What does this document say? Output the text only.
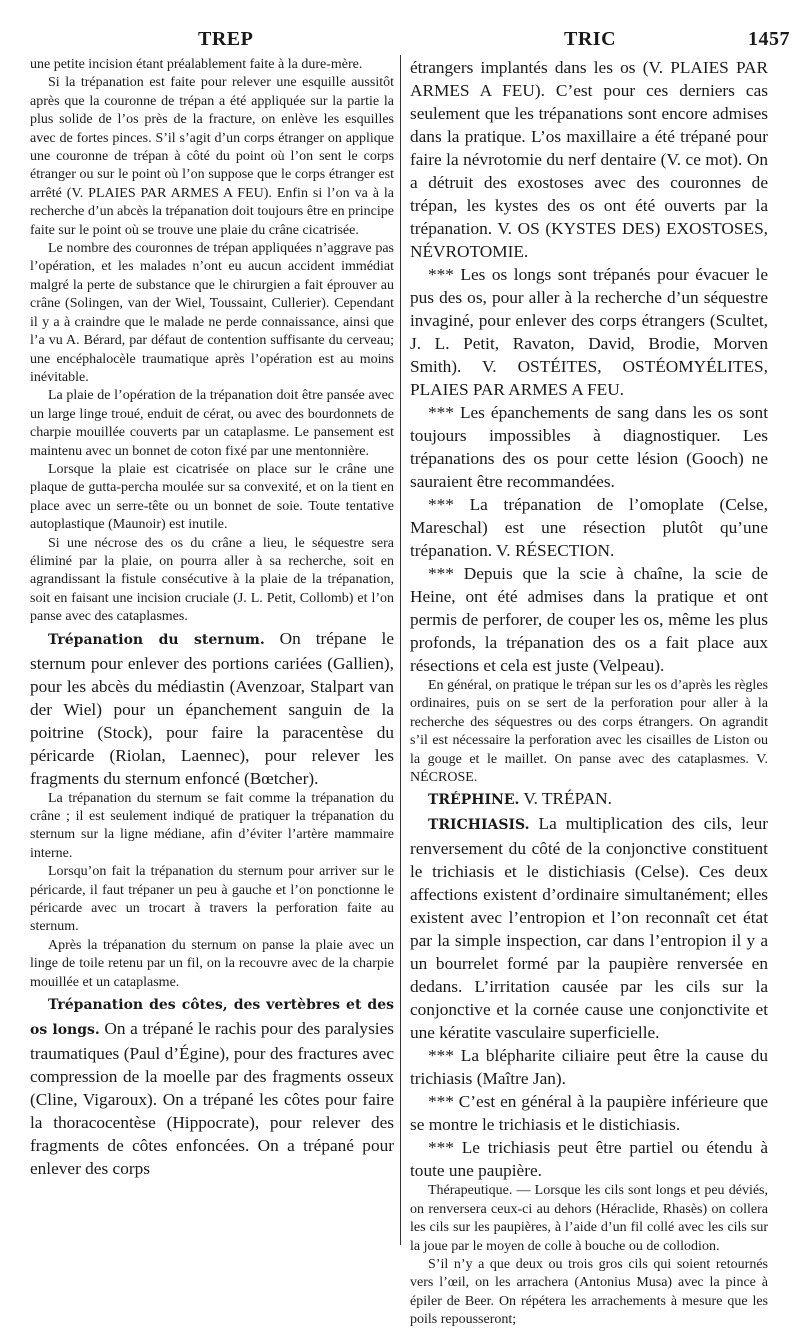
TREP	TRIC	1457

une petite incision étant préalablement faite à la dure-mère.

Si la trépanation est faite pour relever une esquille aussitôt après que la couronne de trépan a été appliquée sur la partie la plus solide de l’os près de la fracture, on enlève les esquilles avec de fortes pinces. S’il s’agit d’un corps étranger on applique une couronne de trépan à côté du point où l’on sent le corps étranger ou sur le point où l’on suppose que le corps étranger est arrêté (V. PLAIES PAR ARMES A FEU). Enfin si l’on va à la recherche d’un abcès la trépanation doit toujours être en principe faite sur le point où se trouve une plaie du crâne cicatrisée.

Le nombre des couronnes de trépan appliquées n’aggrave pas l’opération, et les malades n’ont eu aucun accident immédiat malgré la perte de substance que le chirurgien a fait éprouver au crâne (Solingen, van der Wiel, Toussaint, Cullerier). Cependant il y a à craindre que le malade ne perde connaissance, ainsi que l’a vu A. Bérard, par défaut de contention suffisante du cerveau; une encéphalocèle traumatique après l’opération est au moins inévitable.

La plaie de l’opération de la trépanation doit être pansée avec un large linge troué, enduit de cérat, ou avec des bourdonnets de charpie mouillée couverts par un cataplasme. Le pansement est maintenu avec un bonnet de coton fixé par une mentonnière.

Lorsque la plaie est cicatrisée on place sur le crâne une plaque de gutta-percha moulée sur sa convexité, et on la tient en place avec un serre-tête ou un bonnet de soie. Toute tentative autoplastique (Maunoir) est inutile.

Si une nécrose des os du crâne a lieu, le séquestre sera éliminé par la plaie, on pourra aller à sa recherche, soit en agrandissant la fistule consécutive à la plaie de la trépanation, soit en faisant une incision cruciale (J. L. Petit, Collomb) et l’on panse avec des cataplasmes.

Trépanation du sternum. On trépane le sternum pour enlever des portions cariées (Gallien), pour les abcès du médiastin (Avenzoar, Stalpart van der Wiel) pour un épanchement sanguin de la poitrine (Stock), pour faire la paracentèse du péricarde (Riolan, Laennec), pour relever les fragments du sternum enfoncé (Bœtcher).

La trépanation du sternum se fait comme la trépanation du crâne ; il est seulement indiqué de pratiquer la trépanation du sternum sur la ligne médiane, afin d’éviter l’artère mammaire interne.

Lorsqu’on fait la trépanation du sternum pour arriver sur le péricarde, il faut trépaner un peu à gauche et l’on ponctionne le péricarde avec un trocart à travers la perforation faite au sternum.

Après la trépanation du sternum on panse la plaie avec un linge de toile retenu par un fil, on la recouvre avec de la charpie mouillée et un cataplasme.

Trépanation des côtes, des vertèbres et des os longs. On a trépané le rachis pour des paralysies traumatiques (Paul d’Égine), pour des fractures avec compression de la moelle par des fragments osseux (Cline, Vigaroux). On a trépané les côtes pour faire la thoracocentèse (Hippocrate), pour relever des fragments de côtes enfoncées. On a trépané pour enlever des corps

étrangers implantés dans les os (V. PLAIES PAR ARMES A FEU). C’est pour ces derniers cas seulement que les trépanations sont encore admises dans la pratique. L’os maxillaire a été trépané pour faire la névrotomie du nerf dentaire (V. ce mot). On a détruit des exostoses avec des couronnes de trépan, les kystes des os ont été ouverts par la trépanation. V. OS (KYSTES DES) EXOSTOSES, NÉVROTOMIE.

*** Les os longs sont trépanés pour évacuer le pus des os, pour aller à la recherche d’un séquestre invaginé, pour enlever des corps étrangers (Scultet, J. L. Petit, Ravaton, David, Brodie, Morven Smith). V. OSTÉITES, OSTÉOMYÉLITES, PLAIES PAR ARMES A FEU.

*** Les épanchements de sang dans les os sont toujours impossibles à diagnostiquer. Les trépanations des os pour cette lésion (Gooch) ne sauraient être recommandées.

*** La trépanation de l’omoplate (Celse, Mareschal) est une résection plutôt qu’une trépanation. V. RÉSECTION.

*** Depuis que la scie à chaîne, la scie de Heine, ont été admises dans la pratique et ont permis de perforer, de couper les os, même les plus profonds, la trépanation des os a fait place aux résections et cela est juste (Velpeau).

En général, on pratique le trépan sur les os d’après les règles ordinaires, puis on se sert de la perforation pour aller à la recherche des séquestres ou des corps étrangers. On agrandit s’il est nécessaire la perforation avec les cisailles de Liston ou la gouge et le maillet. On panse avec des cataplasmes. V. NÉCROSE.

TRÉPHINE. V. TRÉPAN.

TRICHIASIS. La multiplication des cils, leur renversement du côté de la conjonctive constituent le trichiasis et le distichiasis (Celse). Ces deux affections existent d’ordinaire simultanément; elles existent avec l’entropion et l’on reconnaît cet état par la simple inspection, car dans l’entropion il y a un bourrelet formé par la paupière renversée en dedans. L’irritation causée par les cils sur la conjonctive et la cornée cause une conjonctivite et une kératite vasculaire superficielle.

*** La blépharite ciliaire peut être la cause du trichiasis (Maître Jan).

*** C’est en général à la paupière inférieure que se montre le trichiasis et le distichiasis.

*** Le trichiasis peut être partiel ou étendu à toute une paupière.

Thérapeutique. — Lorsque les cils sont longs et peu déviés, on renversera ceux-ci au dehors (Héraclide, Rhasès) on collera les cils sur les paupières, à l’aide d’un fil collé avec les cils sur la joue par le moyen de colle à bouche ou de collodion.

S’il n’y a que deux ou trois gros cils qui soient retournés vers l’œil, on les arrachera (Antonius Musa) avec la pince à épiler de Beer. On répétera les arrachements à mesure que les poils repousseront;
